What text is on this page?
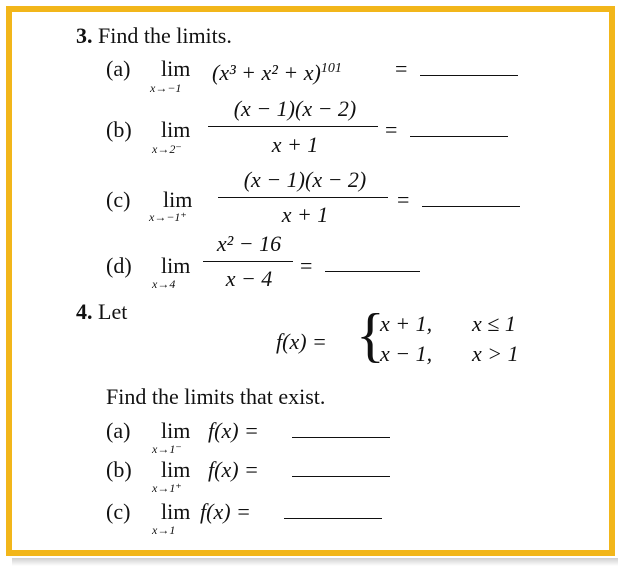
3. Find the limits.
(a) lim
x→−1
$(x^3 + x^2 + x)^{101}$ =
(b) lim
x→2⁻
(x − 1)(x − 2)
x + 1
=
(c) lim
x→−1⁺
(x − 1)(x − 2)
x + 1
=
(d) lim
x→4
x² − 16
x − 4
=
4. Let
f(x) = {
x + 1, x ≤ 1
x − 1, x > 1
Find the limits that exist.
(a) lim
x→1⁻
f(x) =
(b) lim
x→1⁺
f(x) =
(c) lim
x→1
f(x) =
